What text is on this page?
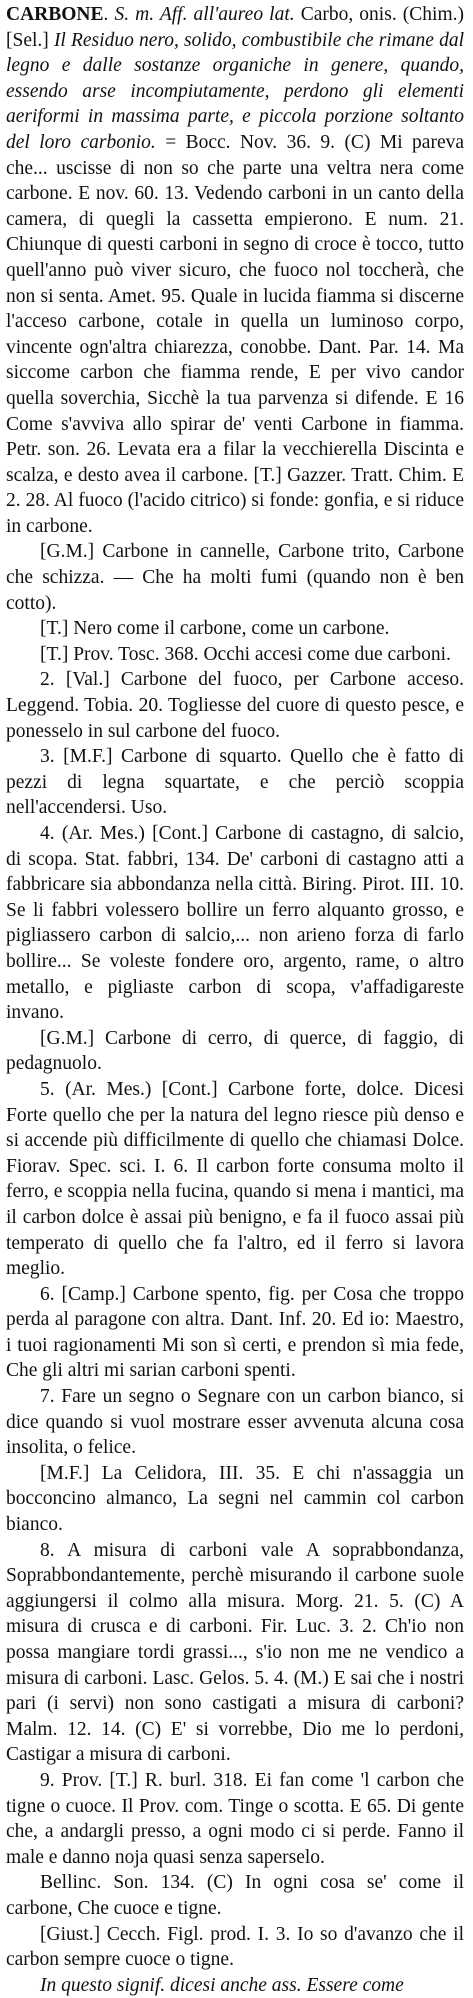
CARBONE. S. m. Aff. all'aureo lat. Carbo, onis. (Chim.) [Sel.] Il Residuo nero, solido, combustibile che rimane dal legno e dalle sostanze organiche in genere, quando, essendo arse incompiutamente, perdono gli elementi aeriformi in massima parte, e piccola porzione soltanto del loro carbonio. = Bocc. Nov. 36. 9. (C) Mi pareva che... uscisse di non so che parte una veltra nera come carbone. E nov. 60. 13. Vedendo carboni in un canto della camera, di quegli la cassetta empierono. E num. 21. Chiunque di questi carboni in segno di croce è tocco, tutto quell'anno può viver sicuro, che fuoco nol toccherà, che non si senta. Amet. 95. Quale in lucida fiamma si discerne l'acceso carbone, cotale in quella un luminoso corpo, vincente ogn'altra chiarezza, conobbe. Dant. Par. 14. Ma siccome carbon che fiamma rende, E per vivo candor quella soverchia, Sicchè la tua parvenza si difende. E 16 Come s'avviva allo spirar de' venti Carbone in fiamma. Petr. son. 26. Levata era a filar la vecchierella Discinta e scalza, e desto avea il carbone. [T.] Gazzer. Tratt. Chim. E 2. 28. Al fuoco (l'acido citrico) si fonde: gonfia, e si riduce in carbone.

[G.M.] Carbone in cannelle, Carbone trito, Carbone che schizza. — Che ha molti fumi (quando non è ben cotto).

[T.] Nero come il carbone, come un carbone.

[T.] Prov. Tosc. 368. Occhi accesi come due carboni.

2. [Val.] Carbone del fuoco, per Carbone acceso. Leggend. Tobia. 20. Togliesse del cuore di questo pesce, e ponesselo in sul carbone del fuoco.

3. [M.F.] Carbone di squarto. Quello che è fatto di pezzi di legna squartate, e che perciò scoppia nell'accendersi. Uso.

4. (Ar. Mes.) [Cont.] Carbone di castagno, di salcio, di scopa. Stat. fabbri, 134. De' carboni di castagno atti a fabbricare sia abbondanza nella città. Biring. Pirot. III. 10. Se li fabbri volessero bollire un ferro alquanto grosso, e pigliassero carbon di salcio,... non arieno forza di farlo bollire... Se voleste fondere oro, argento, rame, o altro metallo, e pigliaste carbon di scopa, v'affadigareste invano.

[G.M.] Carbone di cerro, di querce, di faggio, di pedagnuolo.

5. (Ar. Mes.) [Cont.] Carbone forte, dolce. Dicesi Forte quello che per la natura del legno riesce più denso e si accende più difficilmente di quello che chiamasi Dolce. Fiorav. Spec. sci. I. 6. Il carbon forte consuma molto il ferro, e scoppia nella fucina, quando si mena i mantici, ma il carbon dolce è assai più benigno, e fa il fuoco assai più temperato di quello che fa l'altro, ed il ferro si lavora meglio.

6. [Camp.] Carbone spento, fig. per Cosa che troppo perda al paragone con altra. Dant. Inf. 20. Ed io: Maestro, i tuoi ragionamenti Mi son sì certi, e prendon sì mia fede, Che gli altri mi sarian carboni spenti.

7. Fare un segno o Segnare con un carbon bianco, si dice quando si vuol mostrare esser avvenuta alcuna cosa insolita, o felice.

[M.F.] La Celidora, III. 35. E chi n'assaggia un bocconcino almanco, La segni nel cammin col carbon bianco.

8. A misura di carboni vale A soprabbondanza, Soprabbondantemente, perchè misurando il carbone suole aggiungersi il colmo alla misura. Morg. 21. 5. (C) A misura di crusca e di carboni. Fir. Luc. 3. 2. Ch'io non possa mangiare tordi grassi..., s'io non me ne vendico a misura di carboni. Lasc. Gelos. 5. 4. (M.) E sai che i nostri pari (i servi) non sono castigati a misura di carboni? Malm. 12. 14. (C) E' si vorrebbe, Dio me lo perdoni, Castigar a misura di carboni.

9. Prov. [T.] R. burl. 318. Ei fan come 'l carbon che tigne o cuoce. Il Prov. com. Tinge o scotta. E 65. Di gente che, a andargli presso, a ogni modo ci si perde. Fanno il male e danno noja quasi senza saperselo.

Bellinc. Son. 134. (C) In ogni cosa se' come il carbone, Che cuoce e tigne.

[Giust.] Cecch. Figl. prod. I. 3. Io so d'avanzo che il carbon sempre cuoce o tigne.

In questo signif. dicesi anche ass. Essere come
